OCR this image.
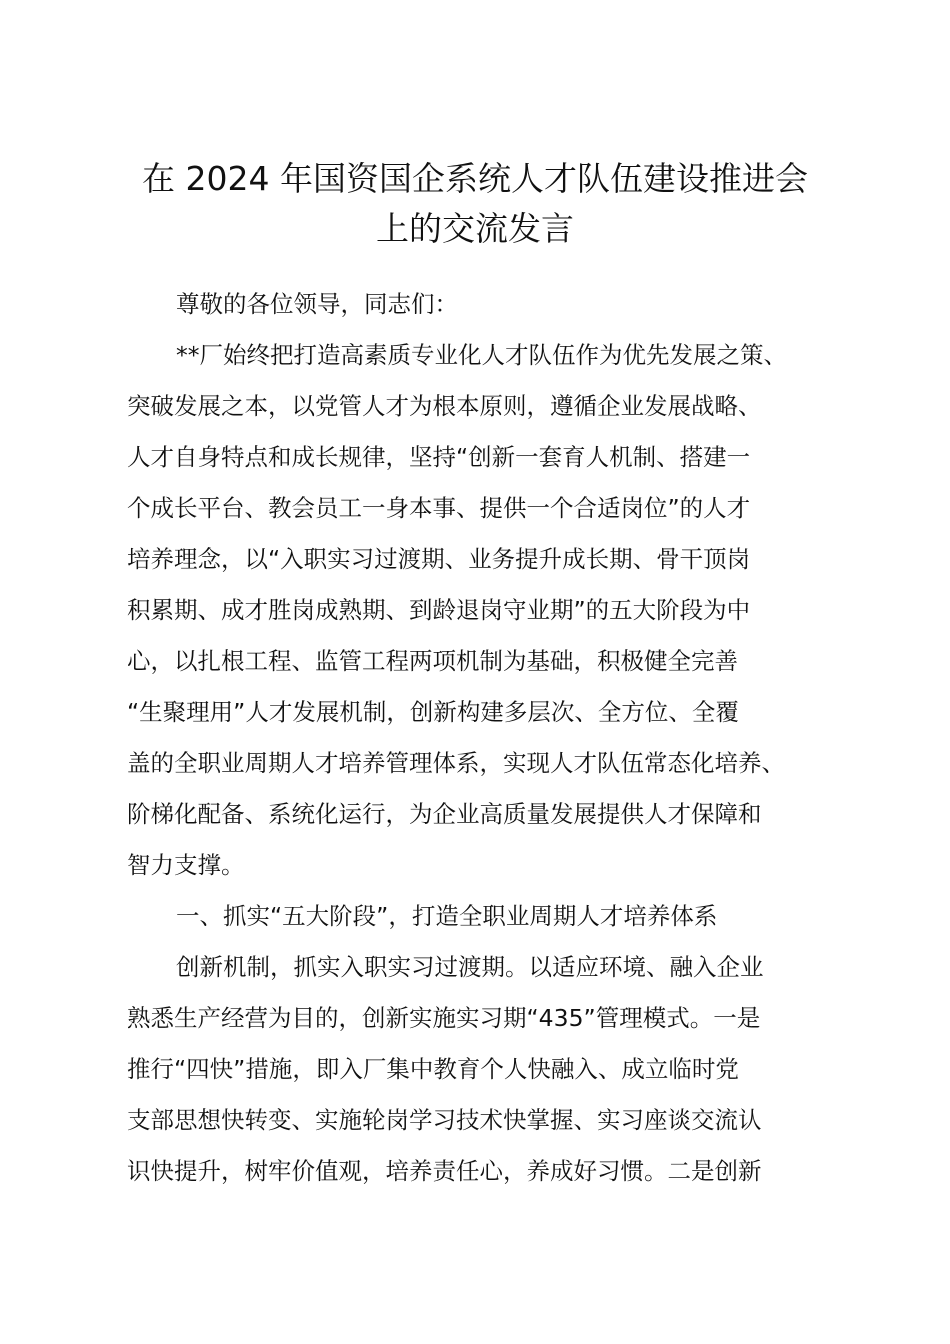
在 2024 年国资国企系统人才队伍建设推进会
上的交流发言

尊敬的各位领导，同志们：

**厂始终把打造高素质专业化人才队伍作为优先发展之策、

突破发展之本，以党管人才为根本原则，遵循企业发展战略、

人才自身特点和成长规律，坚持“创新一套育人机制、搭建一

个成长平台、教会员工一身本事、提供一个合适岗位”的人才

培养理念，以“入职实习过渡期、业务提升成长期、骨干顶岗

积累期、成才胜岗成熟期、到龄退岗守业期”的五大阶段为中

心，以扎根工程、监管工程两项机制为基础，积极健全完善

“生聚理用”人才发展机制，创新构建多层次、全方位、全覆

盖的全职业周期人才培养管理体系，实现人才队伍常态化培养、

阶梯化配备、系统化运行，为企业高质量发展提供人才保障和

智力支撑。

一、抓实“五大阶段”，打造全职业周期人才培养体系

创新机制，抓实入职实习过渡期。以适应环境、融入企业

熟悉生产经营为目的，创新实施实习期“435”管理模式。一是

推行“四快”措施，即入厂集中教育个人快融入、成立临时党

支部思想快转变、实施轮岗学习技术快掌握、实习座谈交流认

识快提升，树牢价值观，培养责任心，养成好习惯。二是创新
